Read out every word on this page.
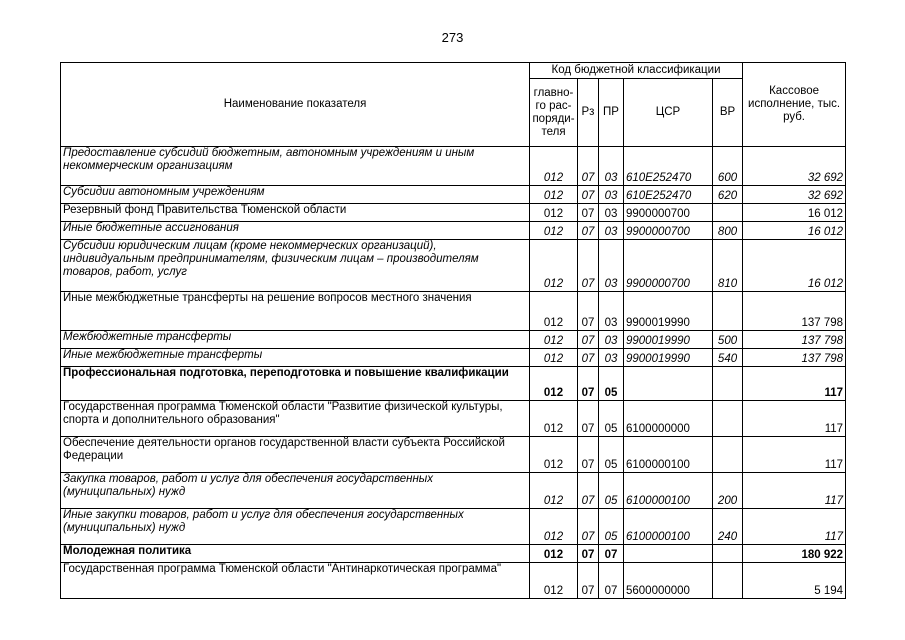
273
Наименование показателя	Код бюджетной классификации					Кассовое исполнение, тыс. руб.
	главно-го рас-поряди-теля	Рз	ПР	ЦСР	ВР	
Предоставление субсидий бюджетным, автономным учреждениям и иным некоммерческим организациям	012	07	03	610E252470	600	32 692
Субсидии автономным учреждениям	012	07	03	610E252470	620	32 692
Резервный фонд Правительства Тюменской области	012	07	03	9900000700		16 012
Иные бюджетные ассигнования	012	07	03	9900000700	800	16 012
Субсидии юридическим лицам (кроме некоммерческих организаций), индивидуальным предпринимателям, физическим лицам – производителям товаров, работ, услуг	012	07	03	9900000700	810	16 012
Иные межбюджетные трансферты на решение вопросов местного значения	012	07	03	9900019990		137 798
Межбюджетные трансферты	012	07	03	9900019990	500	137 798
Иные межбюджетные трансферты	012	07	03	9900019990	540	137 798
Профессиональная подготовка, переподготовка и повышение квалификации	012	07	05			117
Государственная программа Тюменской области "Развитие физической культуры, спорта и дополнительного образования"	012	07	05	6100000000		117
Обеспечение деятельности органов государственной власти субъекта Российской Федерации	012	07	05	6100000100		117
Закупка товаров, работ и услуг для обеспечения государственных (муниципальных) нужд	012	07	05	6100000100	200	117
Иные закупки товаров, работ и услуг для обеспечения государственных (муниципальных) нужд	012	07	05	6100000100	240	117
Молодежная политика	012	07	07			180 922
Государственная программа Тюменской области "Антинаркотическая программа"	012	07	07	5600000000		5 194
